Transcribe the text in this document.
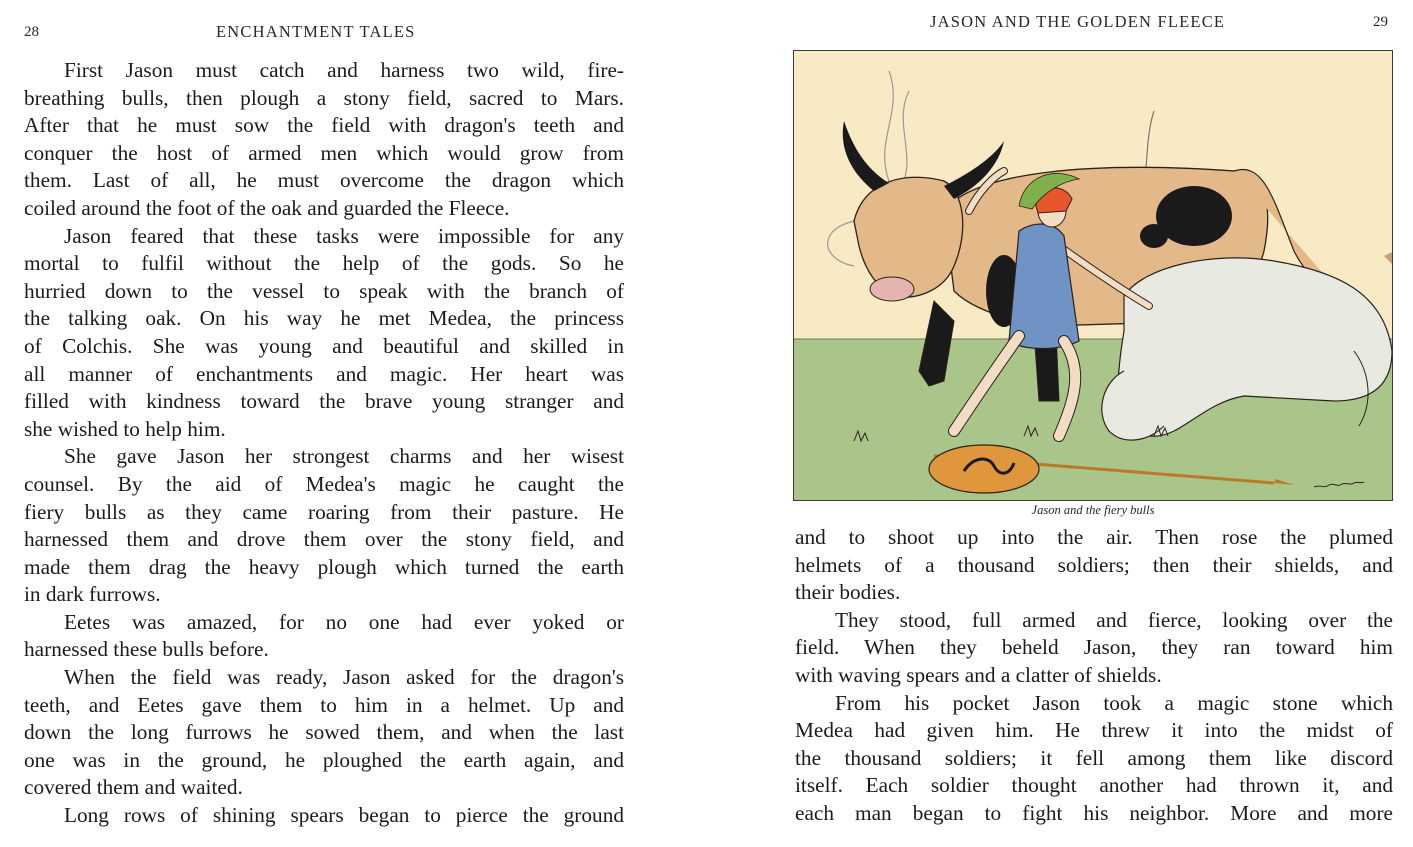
28	ENCHANTMENT TALES
First Jason must catch and harness two wild, fire-
breathing bulls, then plough a stony field, sacred to Mars.
After that he must sow the field with dragon's teeth and
conquer the host of armed men which would grow from
them. Last of all, he must overcome the dragon which
coiled around the foot of the oak and guarded the Fleece.
Jason feared that these tasks were impossible for any
mortal to fulfil without the help of the gods. So he
hurried down to the vessel to speak with the branch of
the talking oak. On his way he met Medea, the princess
of Colchis. She was young and beautiful and skilled in
all manner of enchantments and magic. Her heart was
filled with kindness toward the brave young stranger and
she wished to help him.
She gave Jason her strongest charms and her wisest
counsel. By the aid of Medea's magic he caught the
fiery bulls as they came roaring from their pasture. He
harnessed them and drove them over the stony field, and
made them drag the heavy plough which turned the earth
in dark furrows.
Eetes was amazed, for no one had ever yoked or
harnessed these bulls before.
When the field was ready, Jason asked for the dragon's
teeth, and Eetes gave them to him in a helmet. Up and
down the long furrows he sowed them, and when the last
one was in the ground, he ploughed the earth again, and
covered them and waited.
Long rows of shining spears began to pierce the ground
JASON AND THE GOLDEN FLEECE	29
Jason and the fiery bulls
and to shoot up into the air. Then rose the plumed
helmets of a thousand soldiers; then their shields, and
their bodies.
They stood, full armed and fierce, looking over the
field. When they beheld Jason, they ran toward him
with waving spears and a clatter of shields.
From his pocket Jason took a magic stone which
Medea had given him. He threw it into the midst of
the thousand soldiers; it fell among them like discord
itself. Each soldier thought another had thrown it, and
each man began to fight his neighbor. More and more
